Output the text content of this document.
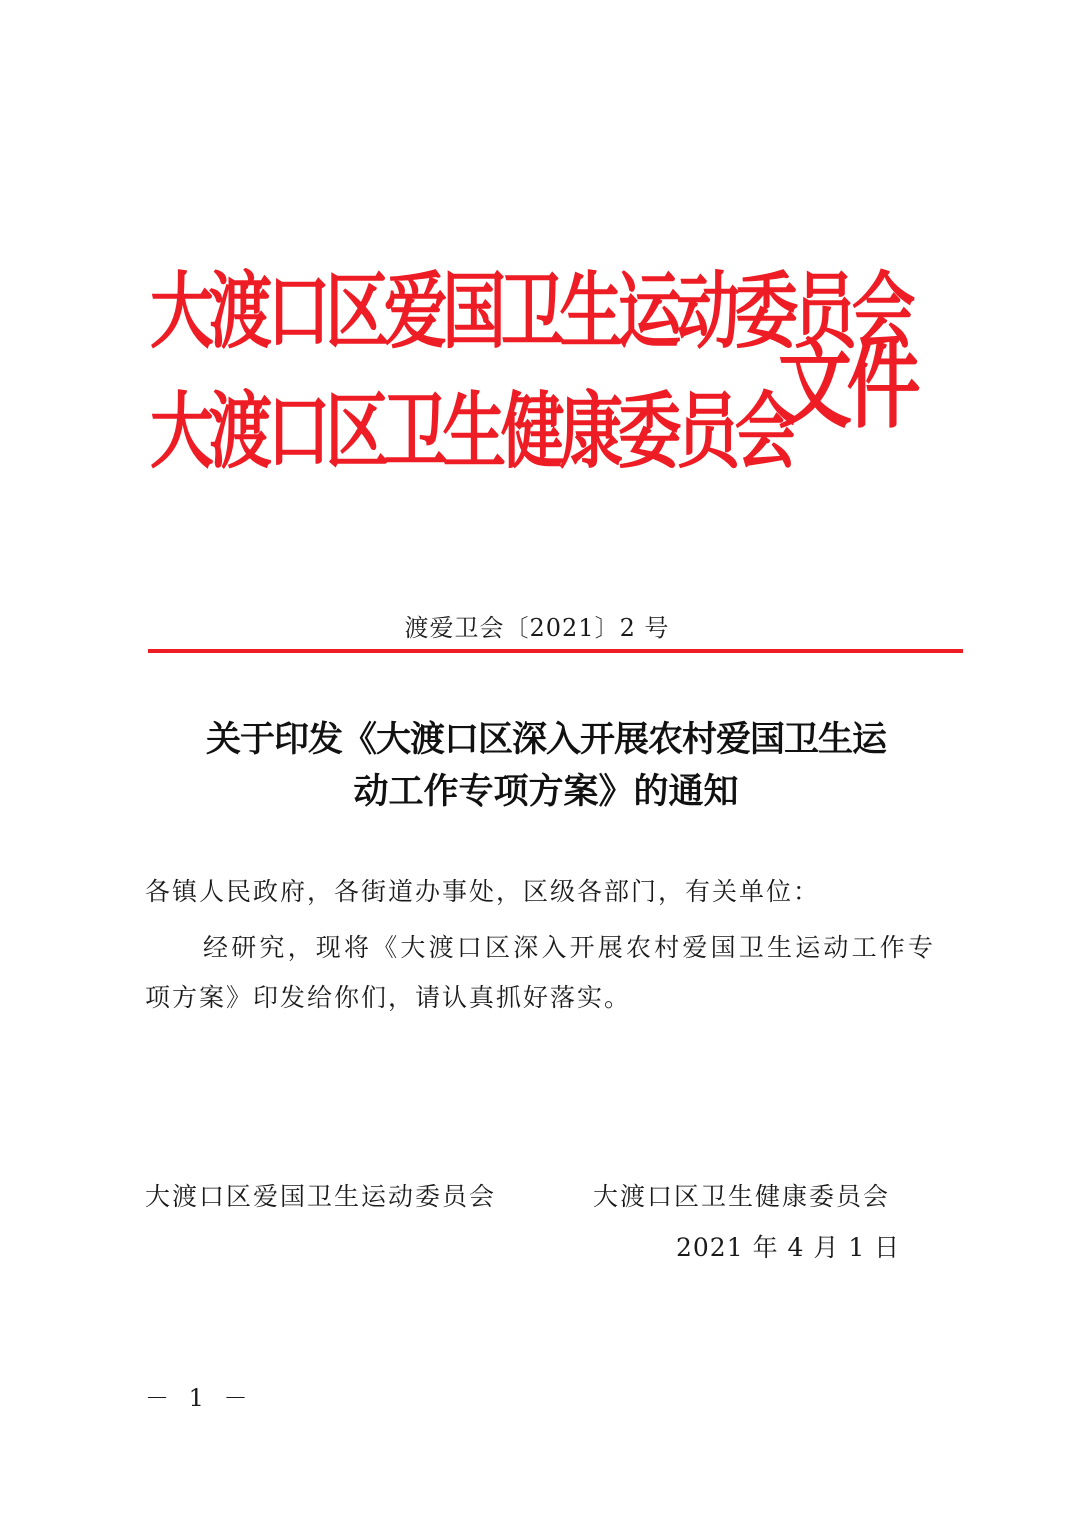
大渡口区爱国卫生运动委员会
大渡口区卫生健康委员会
文件
渡爱卫会〔2021〕2 号
关于印发《大渡口区深入开展农村爱国卫生运
动工作专项方案》的通知
各镇人民政府，各街道办事处，区级各部门，有关单位：
经研究，现将《大渡口区深入开展农村爱国卫生运动工作专
项方案》印发给你们，请认真抓好落实。
大渡口区爱国卫生运动委员会	大渡口区卫生健康委员会
2021 年 4 月 1 日
－ 1 －
